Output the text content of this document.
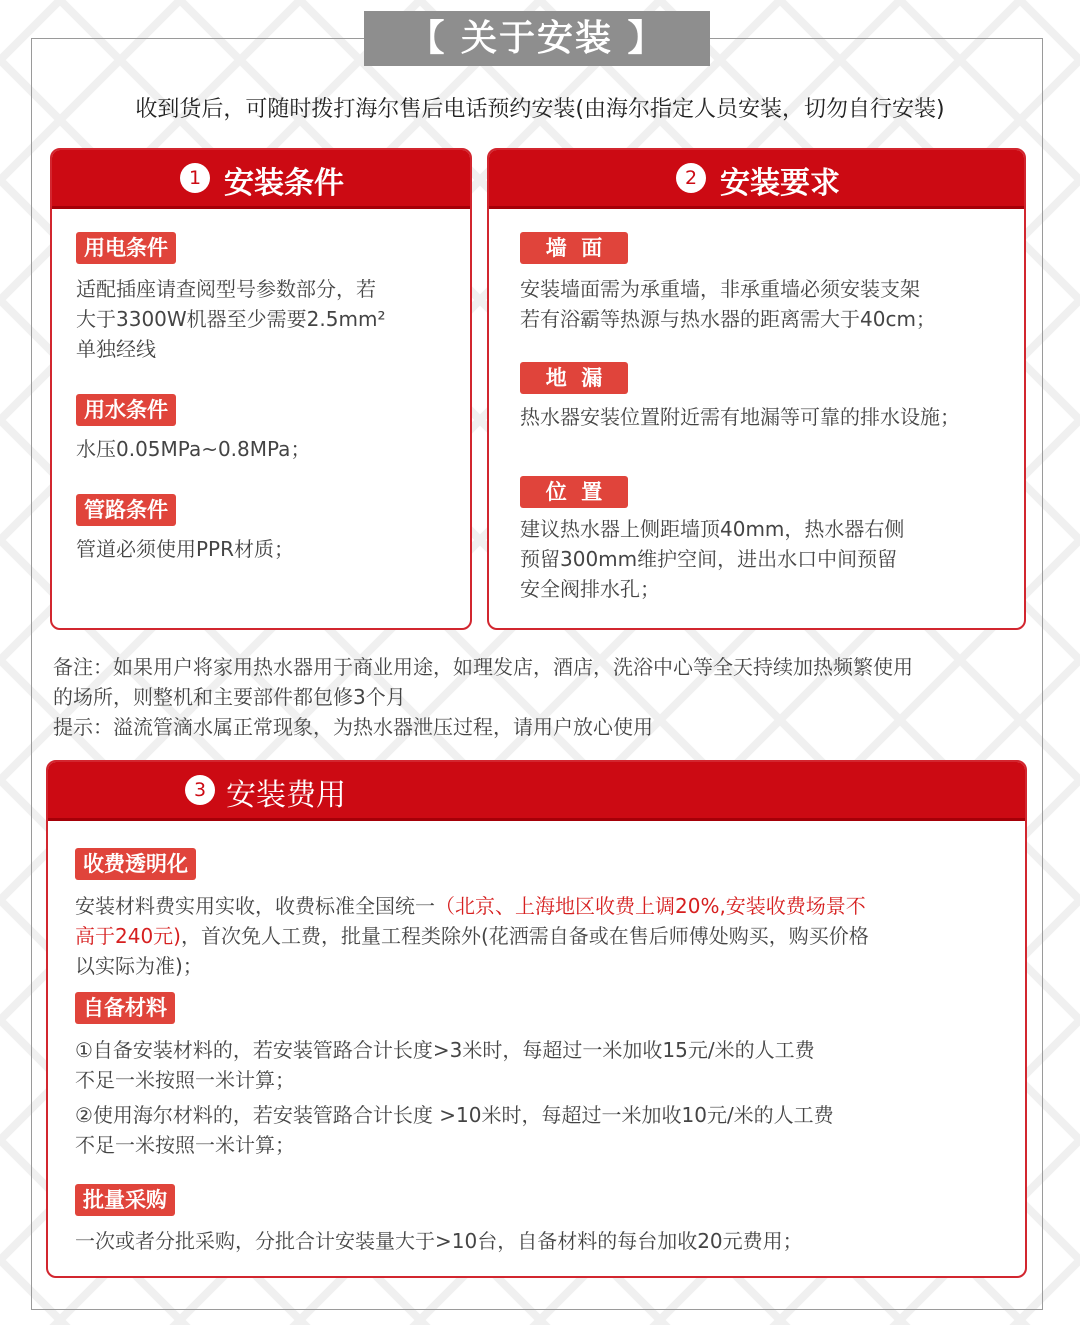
【 关于安装 】
收到货后，可随时拨打海尔售后电话预约安装(由海尔指定人员安装，切勿自行安装)
1 安装条件
用电条件
适配插座请查阅型号参数部分，若
大于3300W机器至少需要2.5mm²
单独经线
用水条件
水压0.05MPa~0.8MPa；
管路条件
管道必须使用PPR材质；
2 安装要求
墙  面
安装墙面需为承重墙，非承重墙必须安装支架
若有浴霸等热源与热水器的距离需大于40cm；
地  漏
热水器安装位置附近需有地漏等可靠的排水设施；
位  置
建议热水器上侧距墙顶40mm，热水器右侧
预留300mm维护空间，进出水口中间预留
安全阀排水孔；
备注：如果用户将家用热水器用于商业用途，如理发店，酒店，洗浴中心等全天持续加热频繁使用
的场所，则整机和主要部件都包修3个月
提示：溢流管滴水属正常现象，为热水器泄压过程，请用户放心使用
3 安装费用
收费透明化
安装材料费实用实收，收费标准全国统一（北京、上海地区收费上调20%,安装收费场景不
高于240元)，首次免人工费，批量工程类除外(花洒需自备或在售后师傅处购买，购买价格
以实际为准)；
自备材料
①自备安装材料的，若安装管路合计长度>3米时，每超过一米加收15元/米的人工费
不足一米按照一米计算；
②使用海尔材料的，若安装管路合计长度 >10米时，每超过一米加收10元/米的人工费
不足一米按照一米计算；
批量采购
一次或者分批采购，分批合计安装量大于>10台，自备材料的每台加收20元费用；
